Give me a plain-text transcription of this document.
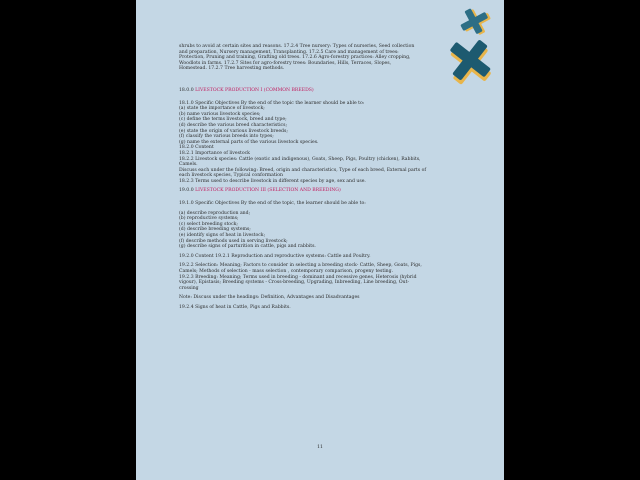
shrubs to avoid at certain sites and reasons. 17.2.4 Tree nursery: Types of nurseries, Seed collection

and preparation, Nursery management, Transplanting. 17.2.5 Care and management of trees:

Protection, Pruning and training, Grafting old trees. 17.2.6 Agro-forestry practices: Alley cropping,

Woodlots in farms. 17.2.7 Sites for agro-forestry trees: Boundaries, Hills, Terraces, Slopes,

Homestead. 17.2.7 Tree harvesting methods.

18.0.0 LIVESTOCK PRODUCTION I (COMMON BREEDS)

18.1.0 Specific Objectives By the end of the topic the learner should be able to:

(a) state the importance of livestock;

(b) name various livestock species;

(c) define the terms livestock, breed and type;

(d) describe the various breed characteristics;

(e) state the origin of various livestock breeds;

(f) classify the various breeds into types;

(g) name the external parts of the various livestock species.

18.2.0 Content

18.2.1 Importance of livestock

18.2.2 Livestock species: Cattle (exotic and indigenous), Goats, Sheep, Pigs, Poultry (chicken), Rabbits,

Camels.

Discuss each under the following: Breed, origin and characteristics, Type of each breed, External parts of

each livestock species, Typical conformation

18.2.3 Terms used to describe livestock in different species by age, sex and use.

19.0.0 LIVESTOCK PRODUCTION III (SELECTION AND BREEDING)

19.1.0 Specific Objectives By the end of the topic, the learner should be able to:

(a) describe reproduction and;

(b) reproductive systems;

(c) select breeding stock;

(d) describe breeding systems;

(e) identify signs of heat in livestock;

(f) describe methods used in serving livestock;

(g) describe signs of parturition in cattle, pigs and rabbits.

19.2.0 Content 19.2.1 Reproduction and reproductive systems: Cattle and Poultry.

19.2.2 Selection: Meaning; Factors to consider in selecting a breeding stock- Cattle, Sheep, Goats, Pigs,

Camels; Methods of selection - mass selection , contemporary comparison, progeny testing.

19.2.3 Breeding: Meaning; Terms used in breeding - dominant and recessive genes, Heterosis (hybrid

vigour), Epistasis; Breeding systems - Cross-breeding, Upgrading, Inbreeding, Line breeding, Out-

crossing

Note: Discuss under the headings: Definition, Advantages and Disadvantages

19.2.4 Signs of heat in Cattle, Pigs and Rabbits.

11
